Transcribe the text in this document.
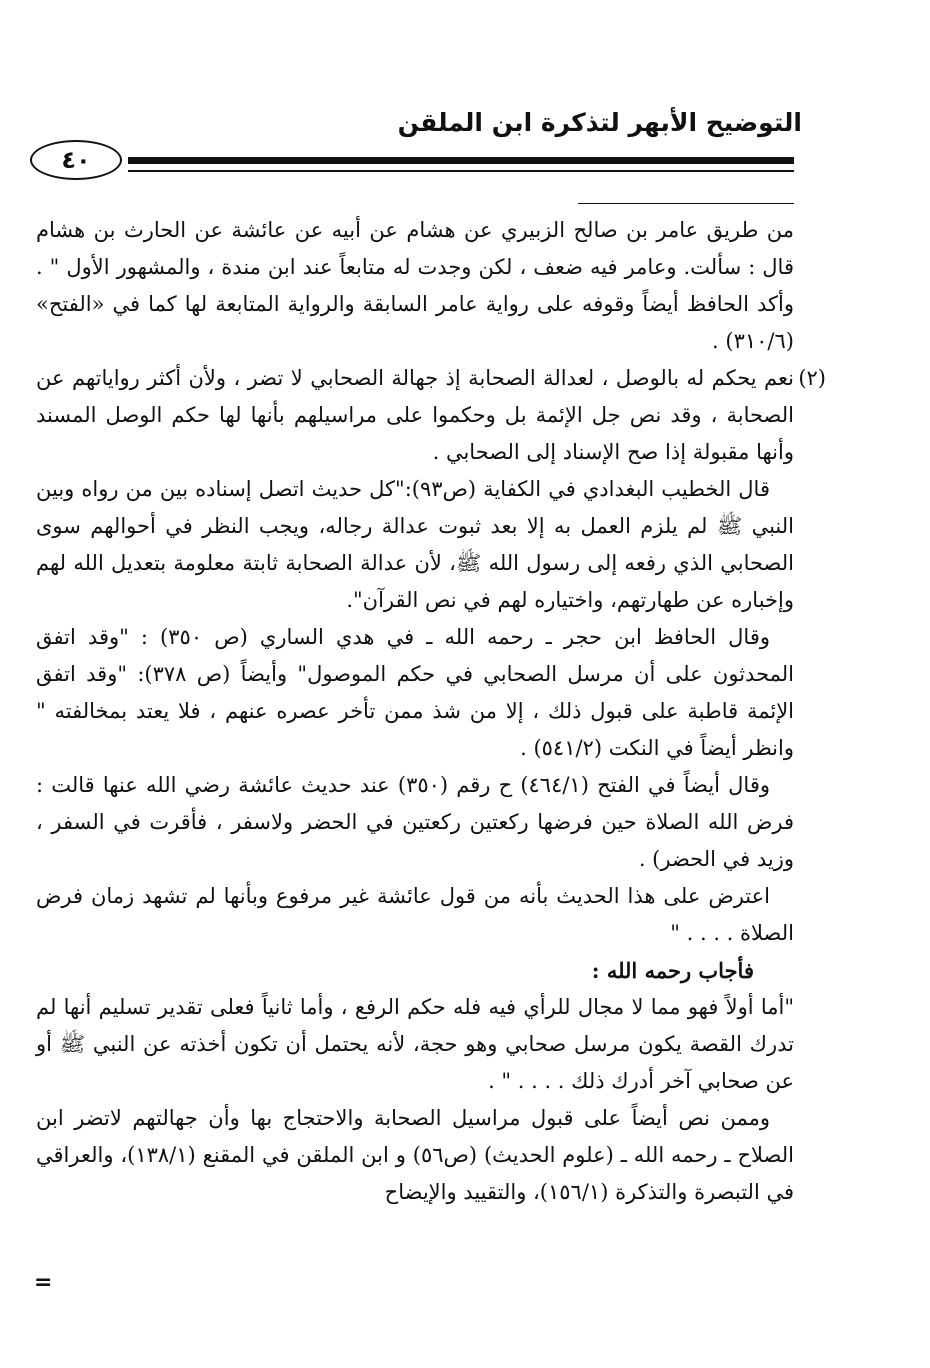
التوضيح الأبهر لتذكرة ابن الملقن
٤٠

من طريق عامر بن صالح الزبيري عن هشام عن أبيه عن عائشة عن الحارث بن هشام قال : سألت. وعامر فيه ضعف ، لكن وجدت له متابعاً عند ابن مندة ، والمشهور الأول " . وأكد الحافظ أيضاً وقوفه على رواية عامر السابقة والرواية المتابعة لها كما في «الفتح» (٣١٠/٦) .

(٢)

نعم يحكم له بالوصل ، لعدالة الصحابة إذ جهالة الصحابي لا تضر ، ولأن أكثر رواياتهم عن الصحابة ، وقد نص جل الإئمة بل وحكموا على مراسيلهم بأنها لها حكم الوصل المسند وأنها مقبولة إذا صح الإسناد إلى الصحابي .

قال الخطيب البغدادي في الكفاية (ص٩٣):"كل حديث اتصل إسناده بين من رواه وبين النبي ﷺ لم يلزم العمل به إلا بعد ثبوت عدالة رجاله، ويجب النظر في أحوالهم سوى الصحابي الذي رفعه إلى رسول الله ﷺ، لأن عدالة الصحابة ثابتة معلومة بتعديل الله لهم وإخباره عن طهارتهم، واختياره لهم في نص القرآن".

وقال الحافظ ابن حجر ـ رحمه الله ـ في هدي الساري (ص ٣٥٠) : "وقد اتفق المحدثون على أن مرسل الصحابي في حكم الموصول" وأيضاً (ص ٣٧٨): "وقد اتفق الإئمة قاطبة على قبول ذلك ، إلا من شذ ممن تأخر عصره عنهم ، فلا يعتد بمخالفته " وانظر أيضاً في النكت (٥٤١/٢) .

وقال أيضاً في الفتح (٤٦٤/١) ح رقم (٣٥٠) عند حديث عائشة رضي الله عنها قالت : فرض الله الصلاة حين فرضها ركعتين ركعتين في الحضر ولاسفر ، فأقرت في السفر ، وزيد في الحضر) .

اعترض على هذا الحديث بأنه من قول عائشة غير مرفوع وبأنها لم تشهد زمان فرض الصلاة . . . . "

فأجاب رحمه الله :

"أما أولاً فهو مما لا مجال للرأي فيه فله حكم الرفع ، وأما ثانياً فعلى تقدير تسليم أنها لم تدرك القصة يكون مرسل صحابي وهو حجة، لأنه يحتمل أن تكون أخذته عن النبي ﷺ أو عن صحابي آخر أدرك ذلك . . . . " .

وممن نص أيضاً على قبول مراسيل الصحابة والاحتجاج بها وأن جهالتهم لاتضر ابن الصلاح ـ رحمه الله ـ (علوم الحديث) (ص٥٦) و ابن الملقن في المقنع (١٣٨/١)، والعراقي في التبصرة والتذكرة (١٥٦/١)، والتقييد والإيضاح

=
